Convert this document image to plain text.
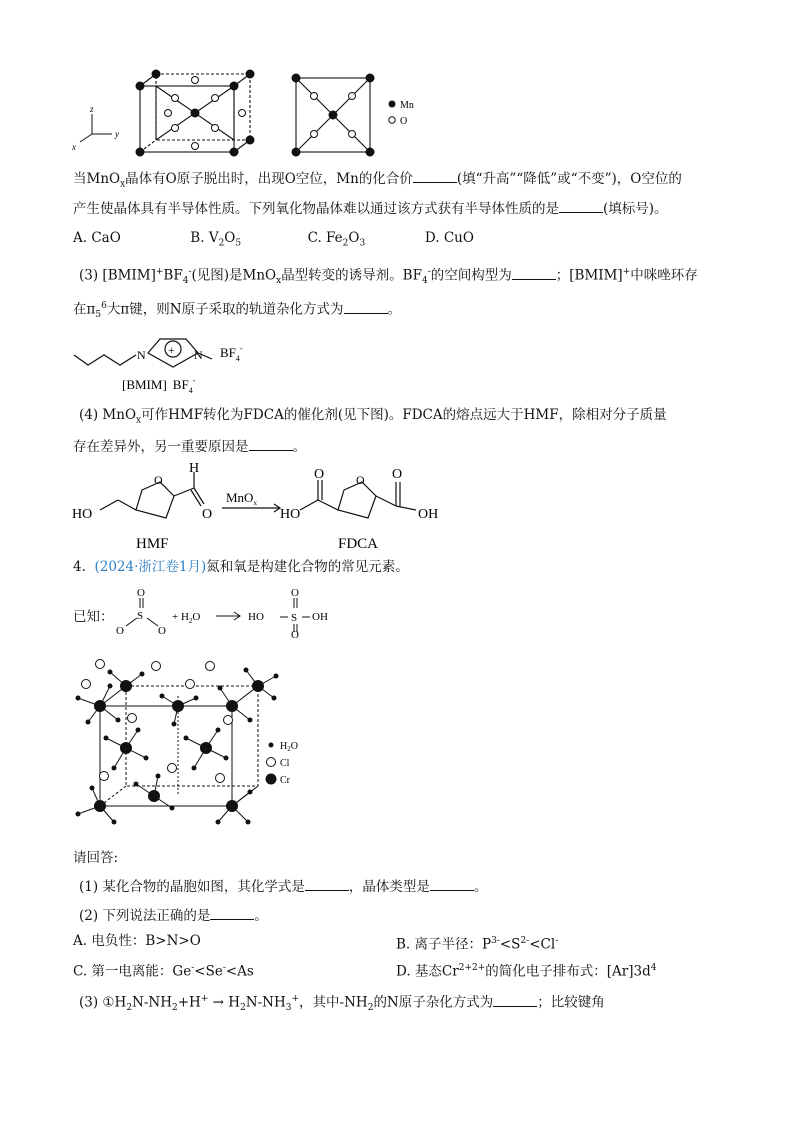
z
y
x
Mn
O
当MnO$_x$晶体有O原子脱出时，出现O空位，Mn的化合价	(填“升高”“降低”或“不变”)，O空位的
产生使晶体具有半导体性质。下列氧化物晶体难以通过该方式获有半导体性质的是	(填标号)。
A. CaO	B. $V_2O_5$	C. $Fe_2O_3$	D. CuO
(3) $[BMIM]^+BF_4^-$(见图)是MnO$_x$晶型转变的诱导剂。$BF_4^-$的空间构型为	；[BMIM]+中咪唑环存
在$\pi_5^6$大π键，则N原子采取的轨道杂化方式为	。
N	N
+	$BF_4^-$
[BMIM] $BF_4^-$
(4) MnO$_x$可作HMF转化为FDCA的催化剂(见下图)。FDCA的熔点远大于HMF，除相对分子质量
存在差异外，另一重要原因是	。
HO
H
O
O
HMF
MnO$_x$
HO
O	O O
OH
FDCA
4. (2024·浙江卷1月)氮和氧是构建化合物的常见元素。
已知：
O
S
O	O
+ $H_2O$	HO
O
S
O
OH
$H_2O$
Cl
Cr
请回答:
(1) 某化合物的晶胞如图，其化学式是	，晶体类型是	。
(2) 下列说法正确的是	。
A. 电负性：B>N>O	B. 离子半径：$P^{3-}<S^{2-}<Cl^-$
C. 第一电离能：Ge-<Se-<As	D. 基态$Cr^{2+2+}$的简化电子排布式：$[Ar]3d^4$
(3) $①H_2N-NH_2+H^+ \to H_2N-NH_3^+$，其中$-NH_2$的N原子杂化方式为	；比较键角
